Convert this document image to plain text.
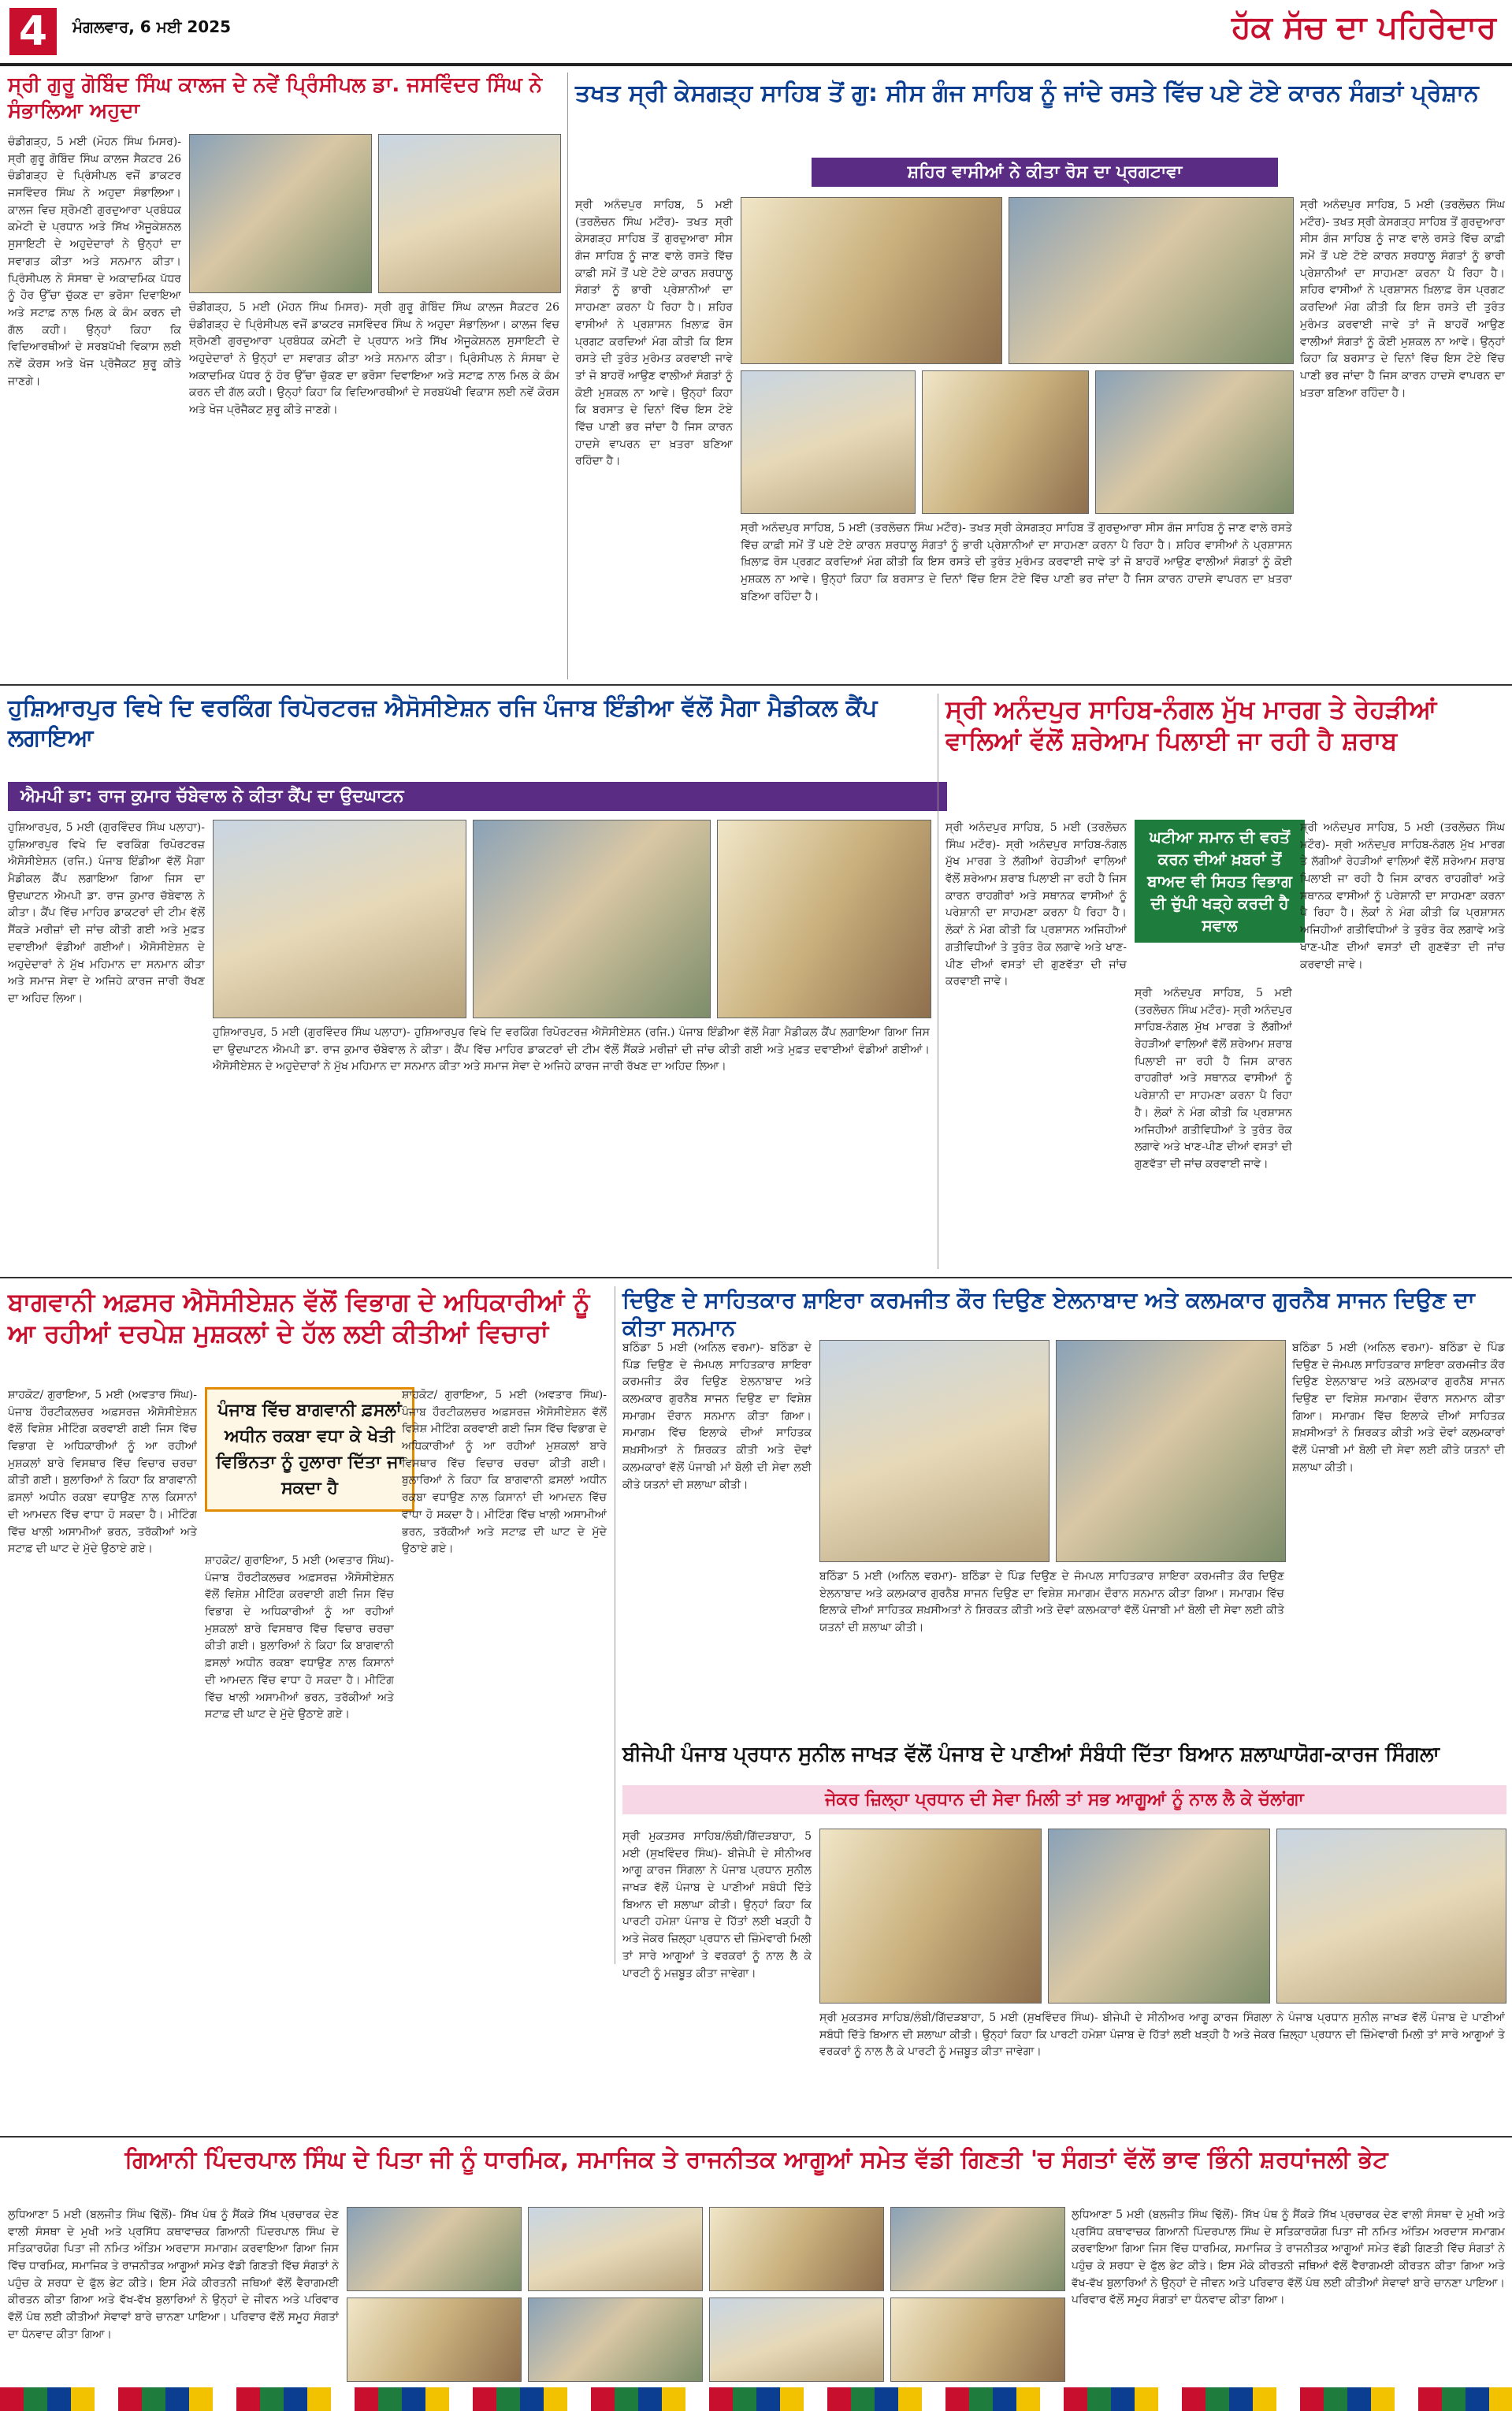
4	ਮੰਗਲਵਾਰ, 6 ਮਈ 2025	ਹੱਕ ਸੱਚ ਦਾ ਪਹਿਰੇਦਾਰ
ਸ੍ਰੀ ਗੁਰੂ ਗੋਬਿੰਦ ਸਿੰਘ ਕਾਲਜ ਦੇ ਨਵੇਂ ਪ੍ਰਿੰਸੀਪਲ ਡਾ. ਜਸਵਿੰਦਰ ਸਿੰਘ ਨੇ ਸੰਭਾਲਿਆ ਅਹੁਦਾ
ਚੰਡੀਗੜ੍ਹ, 5 ਮਈ (ਮੋਹਨ ਸਿੰਘ ਮਿਸਰ)- ਸ੍ਰੀ ਗੁਰੂ ਗੋਬਿੰਦ ਸਿੰਘ ਕਾਲਜ ਸੈਕਟਰ 26 ਚੰਡੀਗੜ੍ਹ ਦੇ ਪ੍ਰਿੰਸੀਪਲ ਵਜੋਂ ਡਾਕਟਰ ਜਸਵਿੰਦਰ ਸਿੰਘ ਨੇ ਅਹੁਦਾ ਸੰਭਾਲਿਆ। ਕਾਲਜ ਵਿਚ ਸ਼੍ਰੋਮਣੀ ਗੁਰਦੁਆਰਾ ਪ੍ਰਬੰਧਕ ਕਮੇਟੀ ਦੇ ਪ੍ਰਧਾਨ ਅਤੇ ਸਿੱਖ ਐਜੂਕੇਸ਼ਨਲ ਸੁਸਾਇਟੀ ਦੇ ਅਹੁਦੇਦਾਰਾਂ ਨੇ ਉਨ੍ਹਾਂ ਦਾ ਸਵਾਗਤ ਕੀਤਾ ਅਤੇ ਸਨਮਾਨ ਕੀਤਾ। ਪ੍ਰਿੰਸੀਪਲ ਨੇ ਸੰਸਥਾ ਦੇ ਅਕਾਦਮਿਕ ਪੱਧਰ ਨੂੰ ਹੋਰ ਉੱਚਾ ਚੁੱਕਣ ਦਾ ਭਰੋਸਾ ਦਿਵਾਇਆ ਅਤੇ ਸਟਾਫ਼ ਨਾਲ ਮਿਲ ਕੇ ਕੰਮ ਕਰਨ ਦੀ ਗੱਲ ਕਹੀ। ਉਨ੍ਹਾਂ ਕਿਹਾ ਕਿ ਵਿਦਿਆਰਥੀਆਂ ਦੇ ਸਰਬਪੱਖੀ ਵਿਕਾਸ ਲਈ ਨਵੇਂ ਕੋਰਸ ਅਤੇ ਖੋਜ ਪ੍ਰੋਜੈਕਟ ਸ਼ੁਰੂ ਕੀਤੇ ਜਾਣਗੇ।
ਚੰਡੀਗੜ੍ਹ, 5 ਮਈ (ਮੋਹਨ ਸਿੰਘ ਮਿਸਰ)- ਸ੍ਰੀ ਗੁਰੂ ਗੋਬਿੰਦ ਸਿੰਘ ਕਾਲਜ ਸੈਕਟਰ 26 ਚੰਡੀਗੜ੍ਹ ਦੇ ਪ੍ਰਿੰਸੀਪਲ ਵਜੋਂ ਡਾਕਟਰ ਜਸਵਿੰਦਰ ਸਿੰਘ ਨੇ ਅਹੁਦਾ ਸੰਭਾਲਿਆ। ਕਾਲਜ ਵਿਚ ਸ਼੍ਰੋਮਣੀ ਗੁਰਦੁਆਰਾ ਪ੍ਰਬੰਧਕ ਕਮੇਟੀ ਦੇ ਪ੍ਰਧਾਨ ਅਤੇ ਸਿੱਖ ਐਜੂਕੇਸ਼ਨਲ ਸੁਸਾਇਟੀ ਦੇ ਅਹੁਦੇਦਾਰਾਂ ਨੇ ਉਨ੍ਹਾਂ ਦਾ ਸਵਾਗਤ ਕੀਤਾ ਅਤੇ ਸਨਮਾਨ ਕੀਤਾ। ਪ੍ਰਿੰਸੀਪਲ ਨੇ ਸੰਸਥਾ ਦੇ ਅਕਾਦਮਿਕ ਪੱਧਰ ਨੂੰ ਹੋਰ ਉੱਚਾ ਚੁੱਕਣ ਦਾ ਭਰੋਸਾ ਦਿਵਾਇਆ ਅਤੇ ਸਟਾਫ਼ ਨਾਲ ਮਿਲ ਕੇ ਕੰਮ ਕਰਨ ਦੀ ਗੱਲ ਕਹੀ। ਉਨ੍ਹਾਂ ਕਿਹਾ ਕਿ ਵਿਦਿਆਰਥੀਆਂ ਦੇ ਸਰਬਪੱਖੀ ਵਿਕਾਸ ਲਈ ਨਵੇਂ ਕੋਰਸ ਅਤੇ ਖੋਜ ਪ੍ਰੋਜੈਕਟ ਸ਼ੁਰੂ ਕੀਤੇ ਜਾਣਗੇ।
ਤਖਤ ਸ੍ਰੀ ਕੇਸਗੜ੍ਹ ਸਾਹਿਬ ਤੋਂ ਗੁ: ਸੀਸ ਗੰਜ ਸਾਹਿਬ ਨੂੰ ਜਾਂਦੇ ਰਸਤੇ ਵਿੱਚ ਪਏ ਟੋਏ ਕਾਰਨ ਸੰਗਤਾਂ ਪ੍ਰੇਸ਼ਾਨ
ਸ਼ਹਿਰ ਵਾਸੀਆਂ ਨੇ ਕੀਤਾ ਰੋਸ ਦਾ ਪ੍ਰਗਟਾਵਾ
ਸ੍ਰੀ ਅਨੰਦਪੁਰ ਸਾਹਿਬ, 5 ਮਈ (ਤਰਲੋਚਨ ਸਿੰਘ ਮਟੌਰ)- ਤਖਤ ਸ੍ਰੀ ਕੇਸਗੜ੍ਹ ਸਾਹਿਬ ਤੋਂ ਗੁਰਦੁਆਰਾ ਸੀਸ ਗੰਜ ਸਾਹਿਬ ਨੂੰ ਜਾਣ ਵਾਲੇ ਰਸਤੇ ਵਿੱਚ ਕਾਫ਼ੀ ਸਮੇਂ ਤੋਂ ਪਏ ਟੋਏ ਕਾਰਨ ਸ਼ਰਧਾਲੂ ਸੰਗਤਾਂ ਨੂੰ ਭਾਰੀ ਪ੍ਰੇਸ਼ਾਨੀਆਂ ਦਾ ਸਾਹਮਣਾ ਕਰਨਾ ਪੈ ਰਿਹਾ ਹੈ। ਸ਼ਹਿਰ ਵਾਸੀਆਂ ਨੇ ਪ੍ਰਸ਼ਾਸਨ ਖ਼ਿਲਾਫ਼ ਰੋਸ ਪ੍ਰਗਟ ਕਰਦਿਆਂ ਮੰਗ ਕੀਤੀ ਕਿ ਇਸ ਰਸਤੇ ਦੀ ਤੁਰੰਤ ਮੁਰੰਮਤ ਕਰਵਾਈ ਜਾਵੇ ਤਾਂ ਜੋ ਬਾਹਰੋਂ ਆਉਣ ਵਾਲੀਆਂ ਸੰਗਤਾਂ ਨੂੰ ਕੋਈ ਮੁਸ਼ਕਲ ਨਾ ਆਵੇ। ਉਨ੍ਹਾਂ ਕਿਹਾ ਕਿ ਬਰਸਾਤ ਦੇ ਦਿਨਾਂ ਵਿੱਚ ਇਸ ਟੋਏ ਵਿੱਚ ਪਾਣੀ ਭਰ ਜਾਂਦਾ ਹੈ ਜਿਸ ਕਾਰਨ ਹਾਦਸੇ ਵਾਪਰਨ ਦਾ ਖ਼ਤਰਾ ਬਣਿਆ ਰਹਿੰਦਾ ਹੈ।
ਸ੍ਰੀ ਅਨੰਦਪੁਰ ਸਾਹਿਬ, 5 ਮਈ (ਤਰਲੋਚਨ ਸਿੰਘ ਮਟੌਰ)- ਤਖਤ ਸ੍ਰੀ ਕੇਸਗੜ੍ਹ ਸਾਹਿਬ ਤੋਂ ਗੁਰਦੁਆਰਾ ਸੀਸ ਗੰਜ ਸਾਹਿਬ ਨੂੰ ਜਾਣ ਵਾਲੇ ਰਸਤੇ ਵਿੱਚ ਕਾਫ਼ੀ ਸਮੇਂ ਤੋਂ ਪਏ ਟੋਏ ਕਾਰਨ ਸ਼ਰਧਾਲੂ ਸੰਗਤਾਂ ਨੂੰ ਭਾਰੀ ਪ੍ਰੇਸ਼ਾਨੀਆਂ ਦਾ ਸਾਹਮਣਾ ਕਰਨਾ ਪੈ ਰਿਹਾ ਹੈ। ਸ਼ਹਿਰ ਵਾਸੀਆਂ ਨੇ ਪ੍ਰਸ਼ਾਸਨ ਖ਼ਿਲਾਫ਼ ਰੋਸ ਪ੍ਰਗਟ ਕਰਦਿਆਂ ਮੰਗ ਕੀਤੀ ਕਿ ਇਸ ਰਸਤੇ ਦੀ ਤੁਰੰਤ ਮੁਰੰਮਤ ਕਰਵਾਈ ਜਾਵੇ ਤਾਂ ਜੋ ਬਾਹਰੋਂ ਆਉਣ ਵਾਲੀਆਂ ਸੰਗਤਾਂ ਨੂੰ ਕੋਈ ਮੁਸ਼ਕਲ ਨਾ ਆਵੇ। ਉਨ੍ਹਾਂ ਕਿਹਾ ਕਿ ਬਰਸਾਤ ਦੇ ਦਿਨਾਂ ਵਿੱਚ ਇਸ ਟੋਏ ਵਿੱਚ ਪਾਣੀ ਭਰ ਜਾਂਦਾ ਹੈ ਜਿਸ ਕਾਰਨ ਹਾਦਸੇ ਵਾਪਰਨ ਦਾ ਖ਼ਤਰਾ ਬਣਿਆ ਰਹਿੰਦਾ ਹੈ।
ਸ੍ਰੀ ਅਨੰਦਪੁਰ ਸਾਹਿਬ, 5 ਮਈ (ਤਰਲੋਚਨ ਸਿੰਘ ਮਟੌਰ)- ਤਖਤ ਸ੍ਰੀ ਕੇਸਗੜ੍ਹ ਸਾਹਿਬ ਤੋਂ ਗੁਰਦੁਆਰਾ ਸੀਸ ਗੰਜ ਸਾਹਿਬ ਨੂੰ ਜਾਣ ਵਾਲੇ ਰਸਤੇ ਵਿੱਚ ਕਾਫ਼ੀ ਸਮੇਂ ਤੋਂ ਪਏ ਟੋਏ ਕਾਰਨ ਸ਼ਰਧਾਲੂ ਸੰਗਤਾਂ ਨੂੰ ਭਾਰੀ ਪ੍ਰੇਸ਼ਾਨੀਆਂ ਦਾ ਸਾਹਮਣਾ ਕਰਨਾ ਪੈ ਰਿਹਾ ਹੈ। ਸ਼ਹਿਰ ਵਾਸੀਆਂ ਨੇ ਪ੍ਰਸ਼ਾਸਨ ਖ਼ਿਲਾਫ਼ ਰੋਸ ਪ੍ਰਗਟ ਕਰਦਿਆਂ ਮੰਗ ਕੀਤੀ ਕਿ ਇਸ ਰਸਤੇ ਦੀ ਤੁਰੰਤ ਮੁਰੰਮਤ ਕਰਵਾਈ ਜਾਵੇ ਤਾਂ ਜੋ ਬਾਹਰੋਂ ਆਉਣ ਵਾਲੀਆਂ ਸੰਗਤਾਂ ਨੂੰ ਕੋਈ ਮੁਸ਼ਕਲ ਨਾ ਆਵੇ। ਉਨ੍ਹਾਂ ਕਿਹਾ ਕਿ ਬਰਸਾਤ ਦੇ ਦਿਨਾਂ ਵਿੱਚ ਇਸ ਟੋਏ ਵਿੱਚ ਪਾਣੀ ਭਰ ਜਾਂਦਾ ਹੈ ਜਿਸ ਕਾਰਨ ਹਾਦਸੇ ਵਾਪਰਨ ਦਾ ਖ਼ਤਰਾ ਬਣਿਆ ਰਹਿੰਦਾ ਹੈ।
ਹੁਸ਼ਿਆਰਪੁਰ ਵਿਖੇ ਦਿ ਵਰਕਿੰਗ ਰਿਪੋਰਟਰਜ਼ ਐਸੋਸੀਏਸ਼ਨ ਰਜਿ ਪੰਜਾਬ ਇੰਡੀਆ ਵੱਲੋਂ ਮੈਗਾ ਮੈਡੀਕਲ ਕੈਂਪ ਲਗਾਇਆ
ਐਮਪੀ ਡਾ: ਰਾਜ ਕੁਮਾਰ ਚੱਬੇਵਾਲ ਨੇ ਕੀਤਾ ਕੈਂਪ ਦਾ ਉਦਘਾਟਨ
ਹੁਸ਼ਿਆਰਪੁਰ, 5 ਮਈ (ਗੁਰਵਿੰਦਰ ਸਿੰਘ ਪਲਾਹਾ)- ਹੁਸ਼ਿਆਰਪੁਰ ਵਿਖੇ ਦਿ ਵਰਕਿੰਗ ਰਿਪੋਰਟਰਜ਼ ਐਸੋਸੀਏਸ਼ਨ (ਰਜਿ.) ਪੰਜਾਬ ਇੰਡੀਆ ਵੱਲੋਂ ਮੈਗਾ ਮੈਡੀਕਲ ਕੈਂਪ ਲਗਾਇਆ ਗਿਆ ਜਿਸ ਦਾ ਉਦਘਾਟਨ ਐਮਪੀ ਡਾ. ਰਾਜ ਕੁਮਾਰ ਚੱਬੇਵਾਲ ਨੇ ਕੀਤਾ। ਕੈਂਪ ਵਿੱਚ ਮਾਹਿਰ ਡਾਕਟਰਾਂ ਦੀ ਟੀਮ ਵੱਲੋਂ ਸੈਂਕੜੇ ਮਰੀਜ਼ਾਂ ਦੀ ਜਾਂਚ ਕੀਤੀ ਗਈ ਅਤੇ ਮੁਫ਼ਤ ਦਵਾਈਆਂ ਵੰਡੀਆਂ ਗਈਆਂ। ਐਸੋਸੀਏਸ਼ਨ ਦੇ ਅਹੁਦੇਦਾਰਾਂ ਨੇ ਮੁੱਖ ਮਹਿਮਾਨ ਦਾ ਸਨਮਾਨ ਕੀਤਾ ਅਤੇ ਸਮਾਜ ਸੇਵਾ ਦੇ ਅਜਿਹੇ ਕਾਰਜ ਜਾਰੀ ਰੱਖਣ ਦਾ ਅਹਿਦ ਲਿਆ।
ਹੁਸ਼ਿਆਰਪੁਰ, 5 ਮਈ (ਗੁਰਵਿੰਦਰ ਸਿੰਘ ਪਲਾਹਾ)- ਹੁਸ਼ਿਆਰਪੁਰ ਵਿਖੇ ਦਿ ਵਰਕਿੰਗ ਰਿਪੋਰਟਰਜ਼ ਐਸੋਸੀਏਸ਼ਨ (ਰਜਿ.) ਪੰਜਾਬ ਇੰਡੀਆ ਵੱਲੋਂ ਮੈਗਾ ਮੈਡੀਕਲ ਕੈਂਪ ਲਗਾਇਆ ਗਿਆ ਜਿਸ ਦਾ ਉਦਘਾਟਨ ਐਮਪੀ ਡਾ. ਰਾਜ ਕੁਮਾਰ ਚੱਬੇਵਾਲ ਨੇ ਕੀਤਾ। ਕੈਂਪ ਵਿੱਚ ਮਾਹਿਰ ਡਾਕਟਰਾਂ ਦੀ ਟੀਮ ਵੱਲੋਂ ਸੈਂਕੜੇ ਮਰੀਜ਼ਾਂ ਦੀ ਜਾਂਚ ਕੀਤੀ ਗਈ ਅਤੇ ਮੁਫ਼ਤ ਦਵਾਈਆਂ ਵੰਡੀਆਂ ਗਈਆਂ। ਐਸੋਸੀਏਸ਼ਨ ਦੇ ਅਹੁਦੇਦਾਰਾਂ ਨੇ ਮੁੱਖ ਮਹਿਮਾਨ ਦਾ ਸਨਮਾਨ ਕੀਤਾ ਅਤੇ ਸਮਾਜ ਸੇਵਾ ਦੇ ਅਜਿਹੇ ਕਾਰਜ ਜਾਰੀ ਰੱਖਣ ਦਾ ਅਹਿਦ ਲਿਆ।
ਸ੍ਰੀ ਅਨੰਦਪੁਰ ਸਾਹਿਬ-ਨੰਗਲ ਮੁੱਖ ਮਾਰਗ ਤੇ ਰੇਹੜੀਆਂ ਵਾਲਿਆਂ ਵੱਲੋਂ ਸ਼ਰੇਆਮ ਪਿਲਾਈ ਜਾ ਰਹੀ ਹੈ ਸ਼ਰਾਬ
ਸ੍ਰੀ ਅਨੰਦਪੁਰ ਸਾਹਿਬ, 5 ਮਈ (ਤਰਲੋਚਨ ਸਿੰਘ ਮਟੌਰ)- ਸ੍ਰੀ ਅਨੰਦਪੁਰ ਸਾਹਿਬ-ਨੰਗਲ ਮੁੱਖ ਮਾਰਗ ਤੇ ਲੱਗੀਆਂ ਰੇਹੜੀਆਂ ਵਾਲਿਆਂ ਵੱਲੋਂ ਸ਼ਰੇਆਮ ਸ਼ਰਾਬ ਪਿਲਾਈ ਜਾ ਰਹੀ ਹੈ ਜਿਸ ਕਾਰਨ ਰਾਹਗੀਰਾਂ ਅਤੇ ਸਥਾਨਕ ਵਾਸੀਆਂ ਨੂੰ ਪਰੇਸ਼ਾਨੀ ਦਾ ਸਾਹਮਣਾ ਕਰਨਾ ਪੈ ਰਿਹਾ ਹੈ। ਲੋਕਾਂ ਨੇ ਮੰਗ ਕੀਤੀ ਕਿ ਪ੍ਰਸ਼ਾਸਨ ਅਜਿਹੀਆਂ ਗਤੀਵਿਧੀਆਂ ਤੇ ਤੁਰੰਤ ਰੋਕ ਲਗਾਵੇ ਅਤੇ ਖਾਣ-ਪੀਣ ਦੀਆਂ ਵਸਤਾਂ ਦੀ ਗੁਣਵੱਤਾ ਦੀ ਜਾਂਚ ਕਰਵਾਈ ਜਾਵੇ।
ਘਟੀਆ ਸਮਾਨ ਦੀ ਵਰਤੋਂ ਕਰਨ ਦੀਆਂ ਖ਼ਬਰਾਂ ਤੋਂ ਬਾਅਦ ਵੀ ਸਿਹਤ ਵਿਭਾਗ ਦੀ ਚੁੱਪੀ ਖੜ੍ਹੇ ਕਰਦੀ ਹੈ ਸਵਾਲ
ਸ੍ਰੀ ਅਨੰਦਪੁਰ ਸਾਹਿਬ, 5 ਮਈ (ਤਰਲੋਚਨ ਸਿੰਘ ਮਟੌਰ)- ਸ੍ਰੀ ਅਨੰਦਪੁਰ ਸਾਹਿਬ-ਨੰਗਲ ਮੁੱਖ ਮਾਰਗ ਤੇ ਲੱਗੀਆਂ ਰੇਹੜੀਆਂ ਵਾਲਿਆਂ ਵੱਲੋਂ ਸ਼ਰੇਆਮ ਸ਼ਰਾਬ ਪਿਲਾਈ ਜਾ ਰਹੀ ਹੈ ਜਿਸ ਕਾਰਨ ਰਾਹਗੀਰਾਂ ਅਤੇ ਸਥਾਨਕ ਵਾਸੀਆਂ ਨੂੰ ਪਰੇਸ਼ਾਨੀ ਦਾ ਸਾਹਮਣਾ ਕਰਨਾ ਪੈ ਰਿਹਾ ਹੈ। ਲੋਕਾਂ ਨੇ ਮੰਗ ਕੀਤੀ ਕਿ ਪ੍ਰਸ਼ਾਸਨ ਅਜਿਹੀਆਂ ਗਤੀਵਿਧੀਆਂ ਤੇ ਤੁਰੰਤ ਰੋਕ ਲਗਾਵੇ ਅਤੇ ਖਾਣ-ਪੀਣ ਦੀਆਂ ਵਸਤਾਂ ਦੀ ਗੁਣਵੱਤਾ ਦੀ ਜਾਂਚ ਕਰਵਾਈ ਜਾਵੇ।
ਸ੍ਰੀ ਅਨੰਦਪੁਰ ਸਾਹਿਬ, 5 ਮਈ (ਤਰਲੋਚਨ ਸਿੰਘ ਮਟੌਰ)- ਸ੍ਰੀ ਅਨੰਦਪੁਰ ਸਾਹਿਬ-ਨੰਗਲ ਮੁੱਖ ਮਾਰਗ ਤੇ ਲੱਗੀਆਂ ਰੇਹੜੀਆਂ ਵਾਲਿਆਂ ਵੱਲੋਂ ਸ਼ਰੇਆਮ ਸ਼ਰਾਬ ਪਿਲਾਈ ਜਾ ਰਹੀ ਹੈ ਜਿਸ ਕਾਰਨ ਰਾਹਗੀਰਾਂ ਅਤੇ ਸਥਾਨਕ ਵਾਸੀਆਂ ਨੂੰ ਪਰੇਸ਼ਾਨੀ ਦਾ ਸਾਹਮਣਾ ਕਰਨਾ ਪੈ ਰਿਹਾ ਹੈ। ਲੋਕਾਂ ਨੇ ਮੰਗ ਕੀਤੀ ਕਿ ਪ੍ਰਸ਼ਾਸਨ ਅਜਿਹੀਆਂ ਗਤੀਵਿਧੀਆਂ ਤੇ ਤੁਰੰਤ ਰੋਕ ਲਗਾਵੇ ਅਤੇ ਖਾਣ-ਪੀਣ ਦੀਆਂ ਵਸਤਾਂ ਦੀ ਗੁਣਵੱਤਾ ਦੀ ਜਾਂਚ ਕਰਵਾਈ ਜਾਵੇ।
ਬਾਗਵਾਨੀ ਅਫ਼ਸਰ ਐਸੋਸੀਏਸ਼ਨ ਵੱਲੋਂ ਵਿਭਾਗ ਦੇ ਅਧਿਕਾਰੀਆਂ ਨੂੰ ਆ ਰਹੀਆਂ ਦਰਪੇਸ਼ ਮੁਸ਼ਕਲਾਂ ਦੇ ਹੱਲ ਲਈ ਕੀਤੀਆਂ ਵਿਚਾਰਾਂ
ਸ਼ਾਹਕੋਟ/ ਗੁਰਾਇਆ, 5 ਮਈ (ਅਵਤਾਰ ਸਿੰਘ)- ਪੰਜਾਬ ਹੌਰਟੀਕਲਚਰ ਅਫ਼ਸਰਜ਼ ਐਸੋਸੀਏਸ਼ਨ ਵੱਲੋਂ ਵਿਸ਼ੇਸ਼ ਮੀਟਿੰਗ ਕਰਵਾਈ ਗਈ ਜਿਸ ਵਿੱਚ ਵਿਭਾਗ ਦੇ ਅਧਿਕਾਰੀਆਂ ਨੂੰ ਆ ਰਹੀਆਂ ਮੁਸ਼ਕਲਾਂ ਬਾਰੇ ਵਿਸਥਾਰ ਵਿੱਚ ਵਿਚਾਰ ਚਰਚਾ ਕੀਤੀ ਗਈ। ਬੁਲਾਰਿਆਂ ਨੇ ਕਿਹਾ ਕਿ ਬਾਗਵਾਨੀ ਫ਼ਸਲਾਂ ਅਧੀਨ ਰਕਬਾ ਵਧਾਉਣ ਨਾਲ ਕਿਸਾਨਾਂ ਦੀ ਆਮਦਨ ਵਿੱਚ ਵਾਧਾ ਹੋ ਸਕਦਾ ਹੈ। ਮੀਟਿੰਗ ਵਿੱਚ ਖਾਲੀ ਅਸਾਮੀਆਂ ਭਰਨ, ਤਰੱਕੀਆਂ ਅਤੇ ਸਟਾਫ਼ ਦੀ ਘਾਟ ਦੇ ਮੁੱਦੇ ਉਠਾਏ ਗਏ।
ਪੰਜਾਬ ਵਿੱਚ ਬਾਗਵਾਨੀ ਫ਼ਸਲਾਂ ਅਧੀਨ ਰਕਬਾ ਵਧਾ ਕੇ ਖੇਤੀ ਵਿਭਿੰਨਤਾ ਨੂੰ ਹੁਲਾਰਾ ਦਿੱਤਾ ਜਾ ਸਕਦਾ ਹੈ
ਸ਼ਾਹਕੋਟ/ ਗੁਰਾਇਆ, 5 ਮਈ (ਅਵਤਾਰ ਸਿੰਘ)- ਪੰਜਾਬ ਹੌਰਟੀਕਲਚਰ ਅਫ਼ਸਰਜ਼ ਐਸੋਸੀਏਸ਼ਨ ਵੱਲੋਂ ਵਿਸ਼ੇਸ਼ ਮੀਟਿੰਗ ਕਰਵਾਈ ਗਈ ਜਿਸ ਵਿੱਚ ਵਿਭਾਗ ਦੇ ਅਧਿਕਾਰੀਆਂ ਨੂੰ ਆ ਰਹੀਆਂ ਮੁਸ਼ਕਲਾਂ ਬਾਰੇ ਵਿਸਥਾਰ ਵਿੱਚ ਵਿਚਾਰ ਚਰਚਾ ਕੀਤੀ ਗਈ। ਬੁਲਾਰਿਆਂ ਨੇ ਕਿਹਾ ਕਿ ਬਾਗਵਾਨੀ ਫ਼ਸਲਾਂ ਅਧੀਨ ਰਕਬਾ ਵਧਾਉਣ ਨਾਲ ਕਿਸਾਨਾਂ ਦੀ ਆਮਦਨ ਵਿੱਚ ਵਾਧਾ ਹੋ ਸਕਦਾ ਹੈ। ਮੀਟਿੰਗ ਵਿੱਚ ਖਾਲੀ ਅਸਾਮੀਆਂ ਭਰਨ, ਤਰੱਕੀਆਂ ਅਤੇ ਸਟਾਫ਼ ਦੀ ਘਾਟ ਦੇ ਮੁੱਦੇ ਉਠਾਏ ਗਏ।
ਸ਼ਾਹਕੋਟ/ ਗੁਰਾਇਆ, 5 ਮਈ (ਅਵਤਾਰ ਸਿੰਘ)- ਪੰਜਾਬ ਹੌਰਟੀਕਲਚਰ ਅਫ਼ਸਰਜ਼ ਐਸੋਸੀਏਸ਼ਨ ਵੱਲੋਂ ਵਿਸ਼ੇਸ਼ ਮੀਟਿੰਗ ਕਰਵਾਈ ਗਈ ਜਿਸ ਵਿੱਚ ਵਿਭਾਗ ਦੇ ਅਧਿਕਾਰੀਆਂ ਨੂੰ ਆ ਰਹੀਆਂ ਮੁਸ਼ਕਲਾਂ ਬਾਰੇ ਵਿਸਥਾਰ ਵਿੱਚ ਵਿਚਾਰ ਚਰਚਾ ਕੀਤੀ ਗਈ। ਬੁਲਾਰਿਆਂ ਨੇ ਕਿਹਾ ਕਿ ਬਾਗਵਾਨੀ ਫ਼ਸਲਾਂ ਅਧੀਨ ਰਕਬਾ ਵਧਾਉਣ ਨਾਲ ਕਿਸਾਨਾਂ ਦੀ ਆਮਦਨ ਵਿੱਚ ਵਾਧਾ ਹੋ ਸਕਦਾ ਹੈ। ਮੀਟਿੰਗ ਵਿੱਚ ਖਾਲੀ ਅਸਾਮੀਆਂ ਭਰਨ, ਤਰੱਕੀਆਂ ਅਤੇ ਸਟਾਫ਼ ਦੀ ਘਾਟ ਦੇ ਮੁੱਦੇ ਉਠਾਏ ਗਏ।
ਦਿਉਣ ਦੇ ਸਾਹਿਤਕਾਰ ਸ਼ਾਇਰਾ ਕਰਮਜੀਤ ਕੌਰ ਦਿਉਣ ਏਲਨਾਬਾਦ ਅਤੇ ਕਲਮਕਾਰ ਗੁਰਨੈਬ ਸਾਜਨ ਦਿਉਣ ਦਾ ਕੀਤਾ ਸਨਮਾਨ
ਬਠਿੰਡਾ 5 ਮਈ (ਅਨਿਲ ਵਰਮਾ)- ਬਠਿੰਡਾ ਦੇ ਪਿੰਡ ਦਿਉਣ ਦੇ ਜੰਮਪਲ ਸਾਹਿਤਕਾਰ ਸ਼ਾਇਰਾ ਕਰਮਜੀਤ ਕੌਰ ਦਿਉਣ ਏਲਨਾਬਾਦ ਅਤੇ ਕਲਮਕਾਰ ਗੁਰਨੈਬ ਸਾਜਨ ਦਿਉਣ ਦਾ ਵਿਸ਼ੇਸ਼ ਸਮਾਗਮ ਦੌਰਾਨ ਸਨਮਾਨ ਕੀਤਾ ਗਿਆ। ਸਮਾਗਮ ਵਿੱਚ ਇਲਾਕੇ ਦੀਆਂ ਸਾਹਿਤਕ ਸ਼ਖ਼ਸੀਅਤਾਂ ਨੇ ਸ਼ਿਰਕਤ ਕੀਤੀ ਅਤੇ ਦੋਵਾਂ ਕਲਮਕਾਰਾਂ ਵੱਲੋਂ ਪੰਜਾਬੀ ਮਾਂ ਬੋਲੀ ਦੀ ਸੇਵਾ ਲਈ ਕੀਤੇ ਯਤਨਾਂ ਦੀ ਸ਼ਲਾਘਾ ਕੀਤੀ।
ਬਠਿੰਡਾ 5 ਮਈ (ਅਨਿਲ ਵਰਮਾ)- ਬਠਿੰਡਾ ਦੇ ਪਿੰਡ ਦਿਉਣ ਦੇ ਜੰਮਪਲ ਸਾਹਿਤਕਾਰ ਸ਼ਾਇਰਾ ਕਰਮਜੀਤ ਕੌਰ ਦਿਉਣ ਏਲਨਾਬਾਦ ਅਤੇ ਕਲਮਕਾਰ ਗੁਰਨੈਬ ਸਾਜਨ ਦਿਉਣ ਦਾ ਵਿਸ਼ੇਸ਼ ਸਮਾਗਮ ਦੌਰਾਨ ਸਨਮਾਨ ਕੀਤਾ ਗਿਆ। ਸਮਾਗਮ ਵਿੱਚ ਇਲਾਕੇ ਦੀਆਂ ਸਾਹਿਤਕ ਸ਼ਖ਼ਸੀਅਤਾਂ ਨੇ ਸ਼ਿਰਕਤ ਕੀਤੀ ਅਤੇ ਦੋਵਾਂ ਕਲਮਕਾਰਾਂ ਵੱਲੋਂ ਪੰਜਾਬੀ ਮਾਂ ਬੋਲੀ ਦੀ ਸੇਵਾ ਲਈ ਕੀਤੇ ਯਤਨਾਂ ਦੀ ਸ਼ਲਾਘਾ ਕੀਤੀ।
ਬਠਿੰਡਾ 5 ਮਈ (ਅਨਿਲ ਵਰਮਾ)- ਬਠਿੰਡਾ ਦੇ ਪਿੰਡ ਦਿਉਣ ਦੇ ਜੰਮਪਲ ਸਾਹਿਤਕਾਰ ਸ਼ਾਇਰਾ ਕਰਮਜੀਤ ਕੌਰ ਦਿਉਣ ਏਲਨਾਬਾਦ ਅਤੇ ਕਲਮਕਾਰ ਗੁਰਨੈਬ ਸਾਜਨ ਦਿਉਣ ਦਾ ਵਿਸ਼ੇਸ਼ ਸਮਾਗਮ ਦੌਰਾਨ ਸਨਮਾਨ ਕੀਤਾ ਗਿਆ। ਸਮਾਗਮ ਵਿੱਚ ਇਲਾਕੇ ਦੀਆਂ ਸਾਹਿਤਕ ਸ਼ਖ਼ਸੀਅਤਾਂ ਨੇ ਸ਼ਿਰਕਤ ਕੀਤੀ ਅਤੇ ਦੋਵਾਂ ਕਲਮਕਾਰਾਂ ਵੱਲੋਂ ਪੰਜਾਬੀ ਮਾਂ ਬੋਲੀ ਦੀ ਸੇਵਾ ਲਈ ਕੀਤੇ ਯਤਨਾਂ ਦੀ ਸ਼ਲਾਘਾ ਕੀਤੀ।
ਬੀਜੇਪੀ ਪੰਜਾਬ ਪ੍ਰਧਾਨ ਸੁਨੀਲ ਜਾਖੜ ਵੱਲੋਂ ਪੰਜਾਬ ਦੇ ਪਾਣੀਆਂ ਸੰਬੰਧੀ ਦਿੱਤਾ ਬਿਆਨ ਸ਼ਲਾਘਾਯੋਗ-ਕਾਰਜ ਸਿੰਗਲਾ
ਜੇਕਰ ਜ਼ਿਲ੍ਹਾ ਪ੍ਰਧਾਨ ਦੀ ਸੇਵਾ ਮਿਲੀ ਤਾਂ ਸਭ ਆਗੂਆਂ ਨੂੰ ਨਾਲ ਲੈ ਕੇ ਚੱਲਾਂਗਾ
ਸ੍ਰੀ ਮੁਕਤਸਰ ਸਾਹਿਬ/ਲੰਬੀ/ਗਿੱਦੜਬਾਹਾ, 5 ਮਈ (ਸੁਖਵਿੰਦਰ ਸਿੰਘ)- ਬੀਜੇਪੀ ਦੇ ਸੀਨੀਅਰ ਆਗੂ ਕਾਰਜ ਸਿੰਗਲਾ ਨੇ ਪੰਜਾਬ ਪ੍ਰਧਾਨ ਸੁਨੀਲ ਜਾਖੜ ਵੱਲੋਂ ਪੰਜਾਬ ਦੇ ਪਾਣੀਆਂ ਸਬੰਧੀ ਦਿੱਤੇ ਬਿਆਨ ਦੀ ਸ਼ਲਾਘਾ ਕੀਤੀ। ਉਨ੍ਹਾਂ ਕਿਹਾ ਕਿ ਪਾਰਟੀ ਹਮੇਸ਼ਾ ਪੰਜਾਬ ਦੇ ਹਿੱਤਾਂ ਲਈ ਖੜ੍ਹੀ ਹੈ ਅਤੇ ਜੇਕਰ ਜ਼ਿਲ੍ਹਾ ਪ੍ਰਧਾਨ ਦੀ ਜ਼ਿੰਮੇਵਾਰੀ ਮਿਲੀ ਤਾਂ ਸਾਰੇ ਆਗੂਆਂ ਤੇ ਵਰਕਰਾਂ ਨੂੰ ਨਾਲ ਲੈ ਕੇ ਪਾਰਟੀ ਨੂੰ ਮਜ਼ਬੂਤ ਕੀਤਾ ਜਾਵੇਗਾ।
ਸ੍ਰੀ ਮੁਕਤਸਰ ਸਾਹਿਬ/ਲੰਬੀ/ਗਿੱਦੜਬਾਹਾ, 5 ਮਈ (ਸੁਖਵਿੰਦਰ ਸਿੰਘ)- ਬੀਜੇਪੀ ਦੇ ਸੀਨੀਅਰ ਆਗੂ ਕਾਰਜ ਸਿੰਗਲਾ ਨੇ ਪੰਜਾਬ ਪ੍ਰਧਾਨ ਸੁਨੀਲ ਜਾਖੜ ਵੱਲੋਂ ਪੰਜਾਬ ਦੇ ਪਾਣੀਆਂ ਸਬੰਧੀ ਦਿੱਤੇ ਬਿਆਨ ਦੀ ਸ਼ਲਾਘਾ ਕੀਤੀ। ਉਨ੍ਹਾਂ ਕਿਹਾ ਕਿ ਪਾਰਟੀ ਹਮੇਸ਼ਾ ਪੰਜਾਬ ਦੇ ਹਿੱਤਾਂ ਲਈ ਖੜ੍ਹੀ ਹੈ ਅਤੇ ਜੇਕਰ ਜ਼ਿਲ੍ਹਾ ਪ੍ਰਧਾਨ ਦੀ ਜ਼ਿੰਮੇਵਾਰੀ ਮਿਲੀ ਤਾਂ ਸਾਰੇ ਆਗੂਆਂ ਤੇ ਵਰਕਰਾਂ ਨੂੰ ਨਾਲ ਲੈ ਕੇ ਪਾਰਟੀ ਨੂੰ ਮਜ਼ਬੂਤ ਕੀਤਾ ਜਾਵੇਗਾ।
ਗਿਆਨੀ ਪਿੰਦਰਪਾਲ ਸਿੰਘ ਦੇ ਪਿਤਾ ਜੀ ਨੂੰ ਧਾਰਮਿਕ, ਸਮਾਜਿਕ ਤੇ ਰਾਜਨੀਤਕ ਆਗੂਆਂ ਸਮੇਤ ਵੱਡੀ ਗਿਣਤੀ 'ਚ ਸੰਗਤਾਂ ਵੱਲੋਂ ਭਾਵ ਭਿੰਨੀ ਸ਼ਰਧਾਂਜਲੀ ਭੇਟ
ਲੁਧਿਆਣਾ 5 ਮਈ (ਬਲਜੀਤ ਸਿੰਘ ਢਿੱਲੋਂ)- ਸਿੱਖ ਪੰਥ ਨੂੰ ਸੈਂਕੜੇ ਸਿੱਖ ਪ੍ਰਚਾਰਕ ਦੇਣ ਵਾਲੀ ਸੰਸਥਾ ਦੇ ਮੁਖੀ ਅਤੇ ਪ੍ਰਸਿੱਧ ਕਥਾਵਾਚਕ ਗਿਆਨੀ ਪਿੰਦਰਪਾਲ ਸਿੰਘ ਦੇ ਸਤਿਕਾਰਯੋਗ ਪਿਤਾ ਜੀ ਨਮਿਤ ਅੰਤਿਮ ਅਰਦਾਸ ਸਮਾਗਮ ਕਰਵਾਇਆ ਗਿਆ ਜਿਸ ਵਿੱਚ ਧਾਰਮਿਕ, ਸਮਾਜਿਕ ਤੇ ਰਾਜਨੀਤਕ ਆਗੂਆਂ ਸਮੇਤ ਵੱਡੀ ਗਿਣਤੀ ਵਿੱਚ ਸੰਗਤਾਂ ਨੇ ਪਹੁੰਚ ਕੇ ਸ਼ਰਧਾ ਦੇ ਫੁੱਲ ਭੇਟ ਕੀਤੇ। ਇਸ ਮੌਕੇ ਕੀਰਤਨੀ ਜਥਿਆਂ ਵੱਲੋਂ ਵੈਰਾਗਮਈ ਕੀਰਤਨ ਕੀਤਾ ਗਿਆ ਅਤੇ ਵੱਖ-ਵੱਖ ਬੁਲਾਰਿਆਂ ਨੇ ਉਨ੍ਹਾਂ ਦੇ ਜੀਵਨ ਅਤੇ ਪਰਿਵਾਰ ਵੱਲੋਂ ਪੰਥ ਲਈ ਕੀਤੀਆਂ ਸੇਵਾਵਾਂ ਬਾਰੇ ਚਾਨਣਾ ਪਾਇਆ। ਪਰਿਵਾਰ ਵੱਲੋਂ ਸਮੂਹ ਸੰਗਤਾਂ ਦਾ ਧੰਨਵਾਦ ਕੀਤਾ ਗਿਆ।
ਲੁਧਿਆਣਾ 5 ਮਈ (ਬਲਜੀਤ ਸਿੰਘ ਢਿੱਲੋਂ)- ਸਿੱਖ ਪੰਥ ਨੂੰ ਸੈਂਕੜੇ ਸਿੱਖ ਪ੍ਰਚਾਰਕ ਦੇਣ ਵਾਲੀ ਸੰਸਥਾ ਦੇ ਮੁਖੀ ਅਤੇ ਪ੍ਰਸਿੱਧ ਕਥਾਵਾਚਕ ਗਿਆਨੀ ਪਿੰਦਰਪਾਲ ਸਿੰਘ ਦੇ ਸਤਿਕਾਰਯੋਗ ਪਿਤਾ ਜੀ ਨਮਿਤ ਅੰਤਿਮ ਅਰਦਾਸ ਸਮਾਗਮ ਕਰਵਾਇਆ ਗਿਆ ਜਿਸ ਵਿੱਚ ਧਾਰਮਿਕ, ਸਮਾਜਿਕ ਤੇ ਰਾਜਨੀਤਕ ਆਗੂਆਂ ਸਮੇਤ ਵੱਡੀ ਗਿਣਤੀ ਵਿੱਚ ਸੰਗਤਾਂ ਨੇ ਪਹੁੰਚ ਕੇ ਸ਼ਰਧਾ ਦੇ ਫੁੱਲ ਭੇਟ ਕੀਤੇ। ਇਸ ਮੌਕੇ ਕੀਰਤਨੀ ਜਥਿਆਂ ਵੱਲੋਂ ਵੈਰਾਗਮਈ ਕੀਰਤਨ ਕੀਤਾ ਗਿਆ ਅਤੇ ਵੱਖ-ਵੱਖ ਬੁਲਾਰਿਆਂ ਨੇ ਉਨ੍ਹਾਂ ਦੇ ਜੀਵਨ ਅਤੇ ਪਰਿਵਾਰ ਵੱਲੋਂ ਪੰਥ ਲਈ ਕੀਤੀਆਂ ਸੇਵਾਵਾਂ ਬਾਰੇ ਚਾਨਣਾ ਪਾਇਆ। ਪਰਿਵਾਰ ਵੱਲੋਂ ਸਮੂਹ ਸੰਗਤਾਂ ਦਾ ਧੰਨਵਾਦ ਕੀਤਾ ਗਿਆ।
